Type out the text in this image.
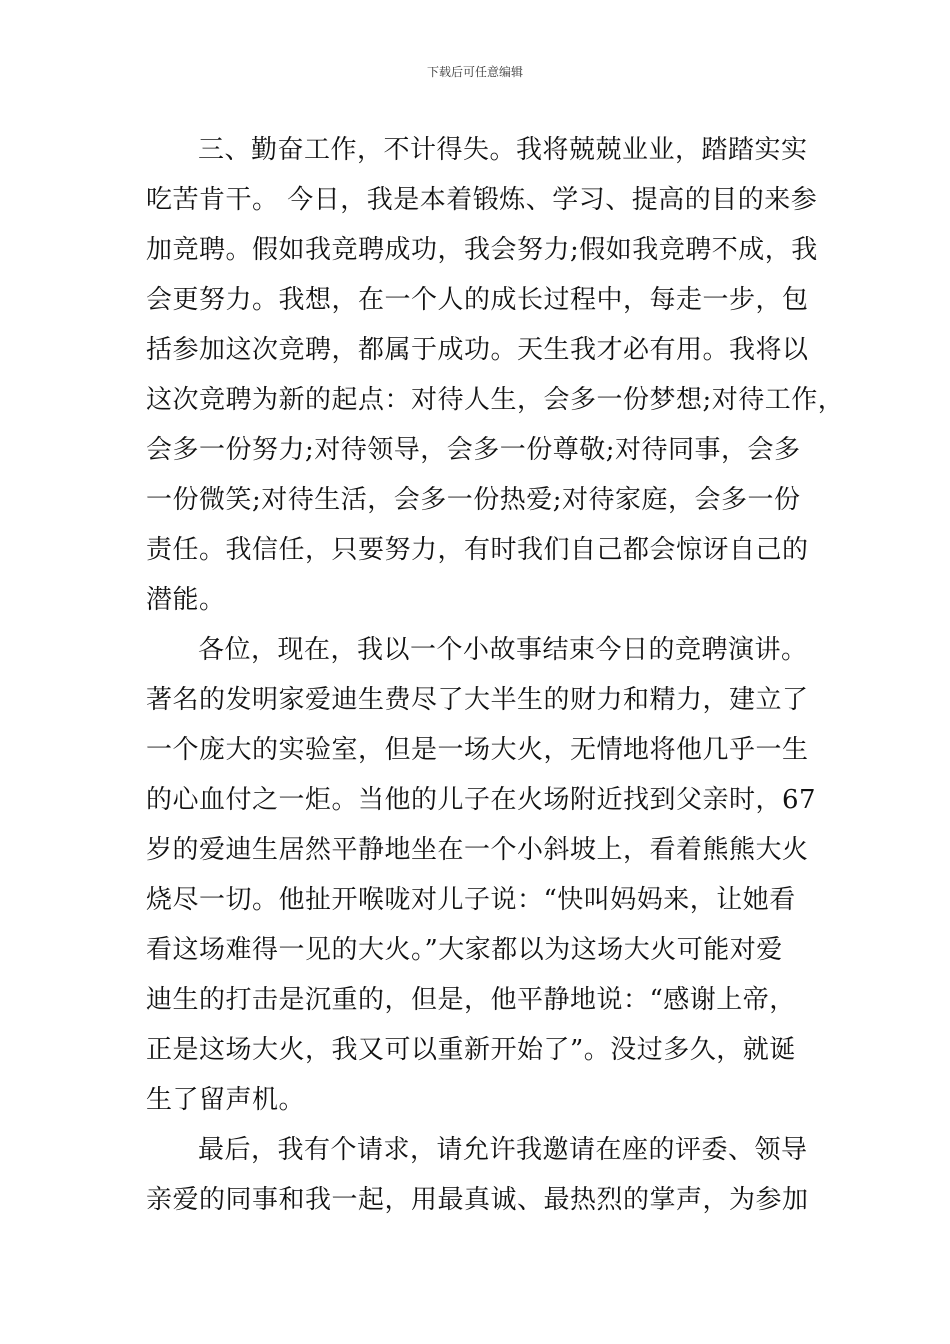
下载后可任意编辑
三、勤奋工作，不计得失。我将兢兢业业，踏踏实实
吃苦肯干。 今日，我是本着锻炼、学习、提高的目的来参
加竞聘。假如我竞聘成功，我会努力;假如我竞聘不成，我
会更努力。我想，在一个人的成长过程中，每走一步，包
括参加这次竞聘，都属于成功。天生我才必有用。我将以
这次竞聘为新的起点：对待人生，会多一份梦想;对待工作，
会多一份努力;对待领导，会多一份尊敬;对待同事，会多
一份微笑;对待生活，会多一份热爱;对待家庭，会多一份
责任。我信任，只要努力，有时我们自己都会惊讶自己的
潜能。
各位，现在，我以一个小故事结束今日的竞聘演讲。
著名的发明家爱迪生费尽了大半生的财力和精力，建立了
一个庞大的实验室，但是一场大火，无情地将他几乎一生
的心血付之一炬。当他的儿子在火场附近找到父亲时，67
岁的爱迪生居然平静地坐在一个小斜坡上，看着熊熊大火
烧尽一切。他扯开喉咙对儿子说：“快叫妈妈来，让她看
看这场难得一见的大火。”大家都以为这场大火可能对爱
迪生的打击是沉重的，但是，他平静地说：“感谢上帝，
正是这场大火，我又可以重新开始了”。没过多久，就诞
生了留声机。
最后，我有个请求，请允许我邀请在座的评委、领导
亲爱的同事和我一起，用最真诚、最热烈的掌声，为参加
